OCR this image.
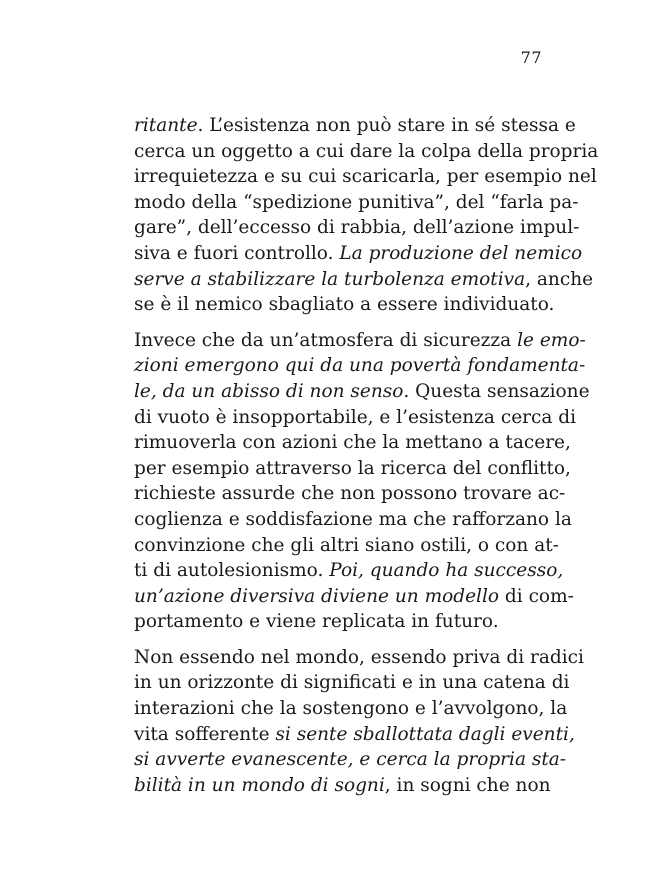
77
ritante. L’esistenza non può stare in sé stessa e
cerca un oggetto a cui dare la colpa della propria
irrequietezza e su cui scaricarla, per esempio nel
modo della “spedizione punitiva”, del “farla pa-
gare”, dell’eccesso di rabbia, dell’azione impul-
siva e fuori controllo. La produzione del nemico
serve a stabilizzare la turbolenza emotiva, anche
se è il nemico sbagliato a essere individuato.
Invece che da un’atmosfera di sicurezza le emo-
zioni emergono qui da una povertà fondamenta-
le, da un abisso di non senso. Questa sensazione
di vuoto è insopportabile, e l’esistenza cerca di
rimuoverla con azioni che la mettano a tacere,
per esempio attraverso la ricerca del conflitto,
richieste assurde che non possono trovare ac-
coglienza e soddisfazione ma che rafforzano la
convinzione che gli altri siano ostili, o con at-
ti di autolesionismo. Poi, quando ha successo,
un’azione diversiva diviene un modello di com-
portamento e viene replicata in futuro.
Non essendo nel mondo, essendo priva di radici
in un orizzonte di significati e in una catena di
interazioni che la sostengono e l’avvolgono, la
vita sofferente si sente sballottata dagli eventi,
si avverte evanescente, e cerca la propria sta-
bilità in un mondo di sogni, in sogni che non
